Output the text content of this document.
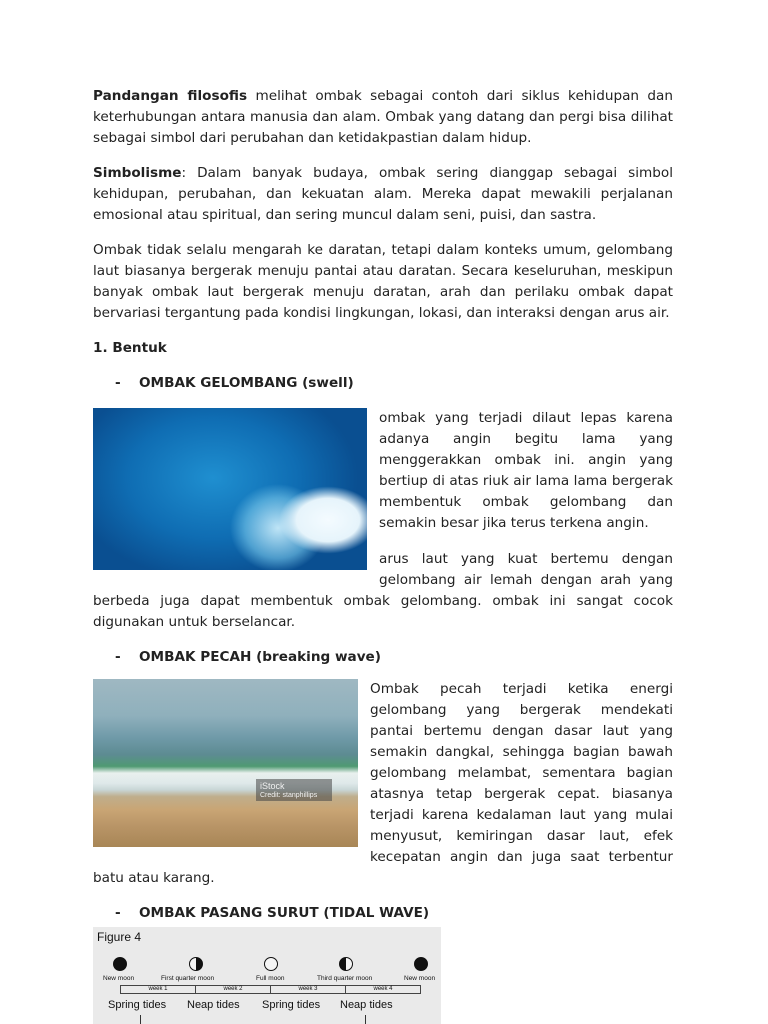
Pandangan filosofis melihat ombak sebagai contoh dari siklus kehidupan dan keterhubungan antara manusia dan alam. Ombak yang datang dan pergi bisa dilihat sebagai simbol dari perubahan dan ketidakpastian dalam hidup.

Simbolisme: Dalam banyak budaya, ombak sering dianggap sebagai simbol kehidupan, perubahan, dan kekuatan alam. Mereka dapat mewakili perjalanan emosional atau spiritual, dan sering muncul dalam seni, puisi, dan sastra.

Ombak tidak selalu mengarah ke daratan, tetapi dalam konteks umum, gelombang laut biasanya bergerak menuju pantai atau daratan. Secara keseluruhan, meskipun banyak ombak laut bergerak menuju daratan, arah dan perilaku ombak dapat bervariasi tergantung pada kondisi lingkungan, lokasi, dan interaksi dengan arus air.

1. Bentuk
- OMBAK GELOMBANG (swell)

ombak yang terjadi dilaut lepas karena adanya angin begitu lama yang menggerakkan ombak ini. angin yang bertiup di atas riuk air lama lama bergerak membentuk ombak gelombang dan semakin besar jika terus terkena angin.

arus laut yang kuat bertemu dengan gelombang air lemah dengan arah yang berbeda juga dapat membentuk ombak gelombang. ombak ini sangat cocok digunakan untuk berselancar.

- OMBAK PECAH (breaking wave)
iStock
Credit: stanphillips

Ombak pecah terjadi ketika energi gelombang yang bergerak mendekati pantai bertemu dengan dasar laut yang semakin dangkal, sehingga bagian bawah gelombang melambat, sementara bagian atasnya tetap bergerak cepat. biasanya terjadi karena kedalaman laut yang mulai menyusut, kemiringan dasar laut, efek kecepatan angin dan juga saat terbentur batu atau karang.

- OMBAK PASANG SURUT (TIDAL WAVE)
Figure 4
New moon	First quarter moon	Full moon	Third quarter moon	New moon
week 1	week 2	week 3	week 4
Spring tides Neap tides Spring tides Neap tides
